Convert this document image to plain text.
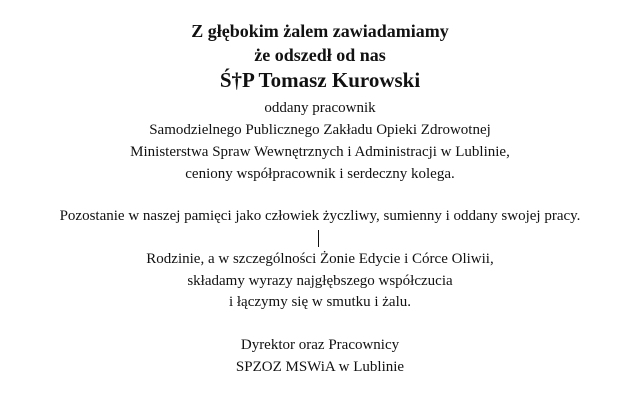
Z głębokim żalem zawiadamiamy
że odszedł od nas
Ś†P Tomasz Kurowski
oddany pracownik
Samodzielnego Publicznego Zakładu Opieki Zdrowotnej
Ministerstwa Spraw Wewnętrznych i Administracji w Lublinie,
ceniony współpracownik i serdeczny kolega.
Pozostanie w naszej pamięci jako człowiek życzliwy, sumienny i oddany swojej pracy.
Rodzinie, a w szczególności Żonie Edycie i Córce Oliwii,
składamy wyrazy najgłębszego współczucia
i łączymy się w smutku i żalu.
Dyrektor oraz Pracownicy
SPZOZ MSWiA w Lublinie
